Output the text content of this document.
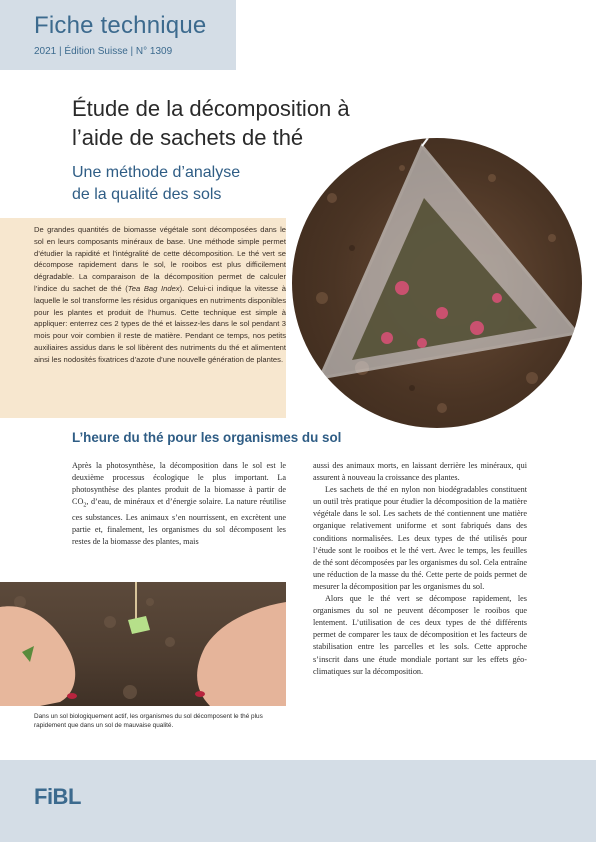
Fiche technique
2021 | Édition Suisse | N° 1309
Étude de la décomposition à
l’aide de sachets de thé
Une méthode d’analyse
de la qualité des sols

De grandes quantités de biomasse végétale sont décomposées dans le sol en leurs composants minéraux de base. Une méthode simple permet d’étudier la rapidité et l’intégralité de cette décomposition. Le thé vert se décompose rapidement dans le sol, le rooibos est plus difficilement dégradable. La comparaison de la décomposition permet de calculer l’indice du sachet de thé (Tea Bag Index). Celui-ci indique la vitesse à laquelle le sol transforme les résidus organiques en nutriments disponibles pour les plantes et produit de l’humus. Cette technique est simple à appliquer: enterrez ces 2 types de thé et laissez-les dans le sol pendant 3 mois pour voir combien il reste de matière. Pendant ce temps, nos petits auxiliaires assidus dans le sol libèrent des nutriments du thé et alimentent ainsi les nodosités fixatrices d’azote d’une nouvelle génération de plantes.

L’heure du thé pour les organismes du sol

Après la photosynthèse, la décomposition dans le sol est le deuxième processus écologique le plus important. La photosynthèse des plantes produit de la biomasse à partir de $CO_2$, d’eau, de minéraux et d’énergie solaire. La nature réutilise ces substances. Les animaux s’en nourrissent, en excrètent une partie et, finalement, les organismes du sol décomposent les restes de la biomasse des plantes, mais

aussi des animaux morts, en laissant derrière les minéraux, qui assurent à nouveau la croissance des plantes.

Les sachets de thé en nylon non biodégradables constituent un outil très pratique pour étudier la décomposition de la matière végétale dans le sol. Les sachets de thé contiennent une matière organique relativement uniforme et sont fabriqués dans des conditions normalisées. Les deux types de thé utilisés pour l’étude sont le rooibos et le thé vert. Avec le temps, les feuilles de thé sont décomposées par les organismes du sol. Cela entraîne une réduction de la masse du thé. Cette perte de poids permet de mesurer la décomposition par les organismes du sol.

Alors que le thé vert se décompose rapidement, les organismes du sol ne peuvent décomposer le rooibos que lentement. L’utilisation de ces deux types de thé différents permet de comparer les taux de décomposition et les facteurs de stabilisation entre les parcelles et les sols. Cette approche s’inscrit dans une étude mondiale portant sur les effets géo-climatiques sur la décomposition.

Dans un sol biologiquement actif, les organismes du sol décomposent le thé plus rapidement que dans un sol de mauvaise qualité.

FiBL
